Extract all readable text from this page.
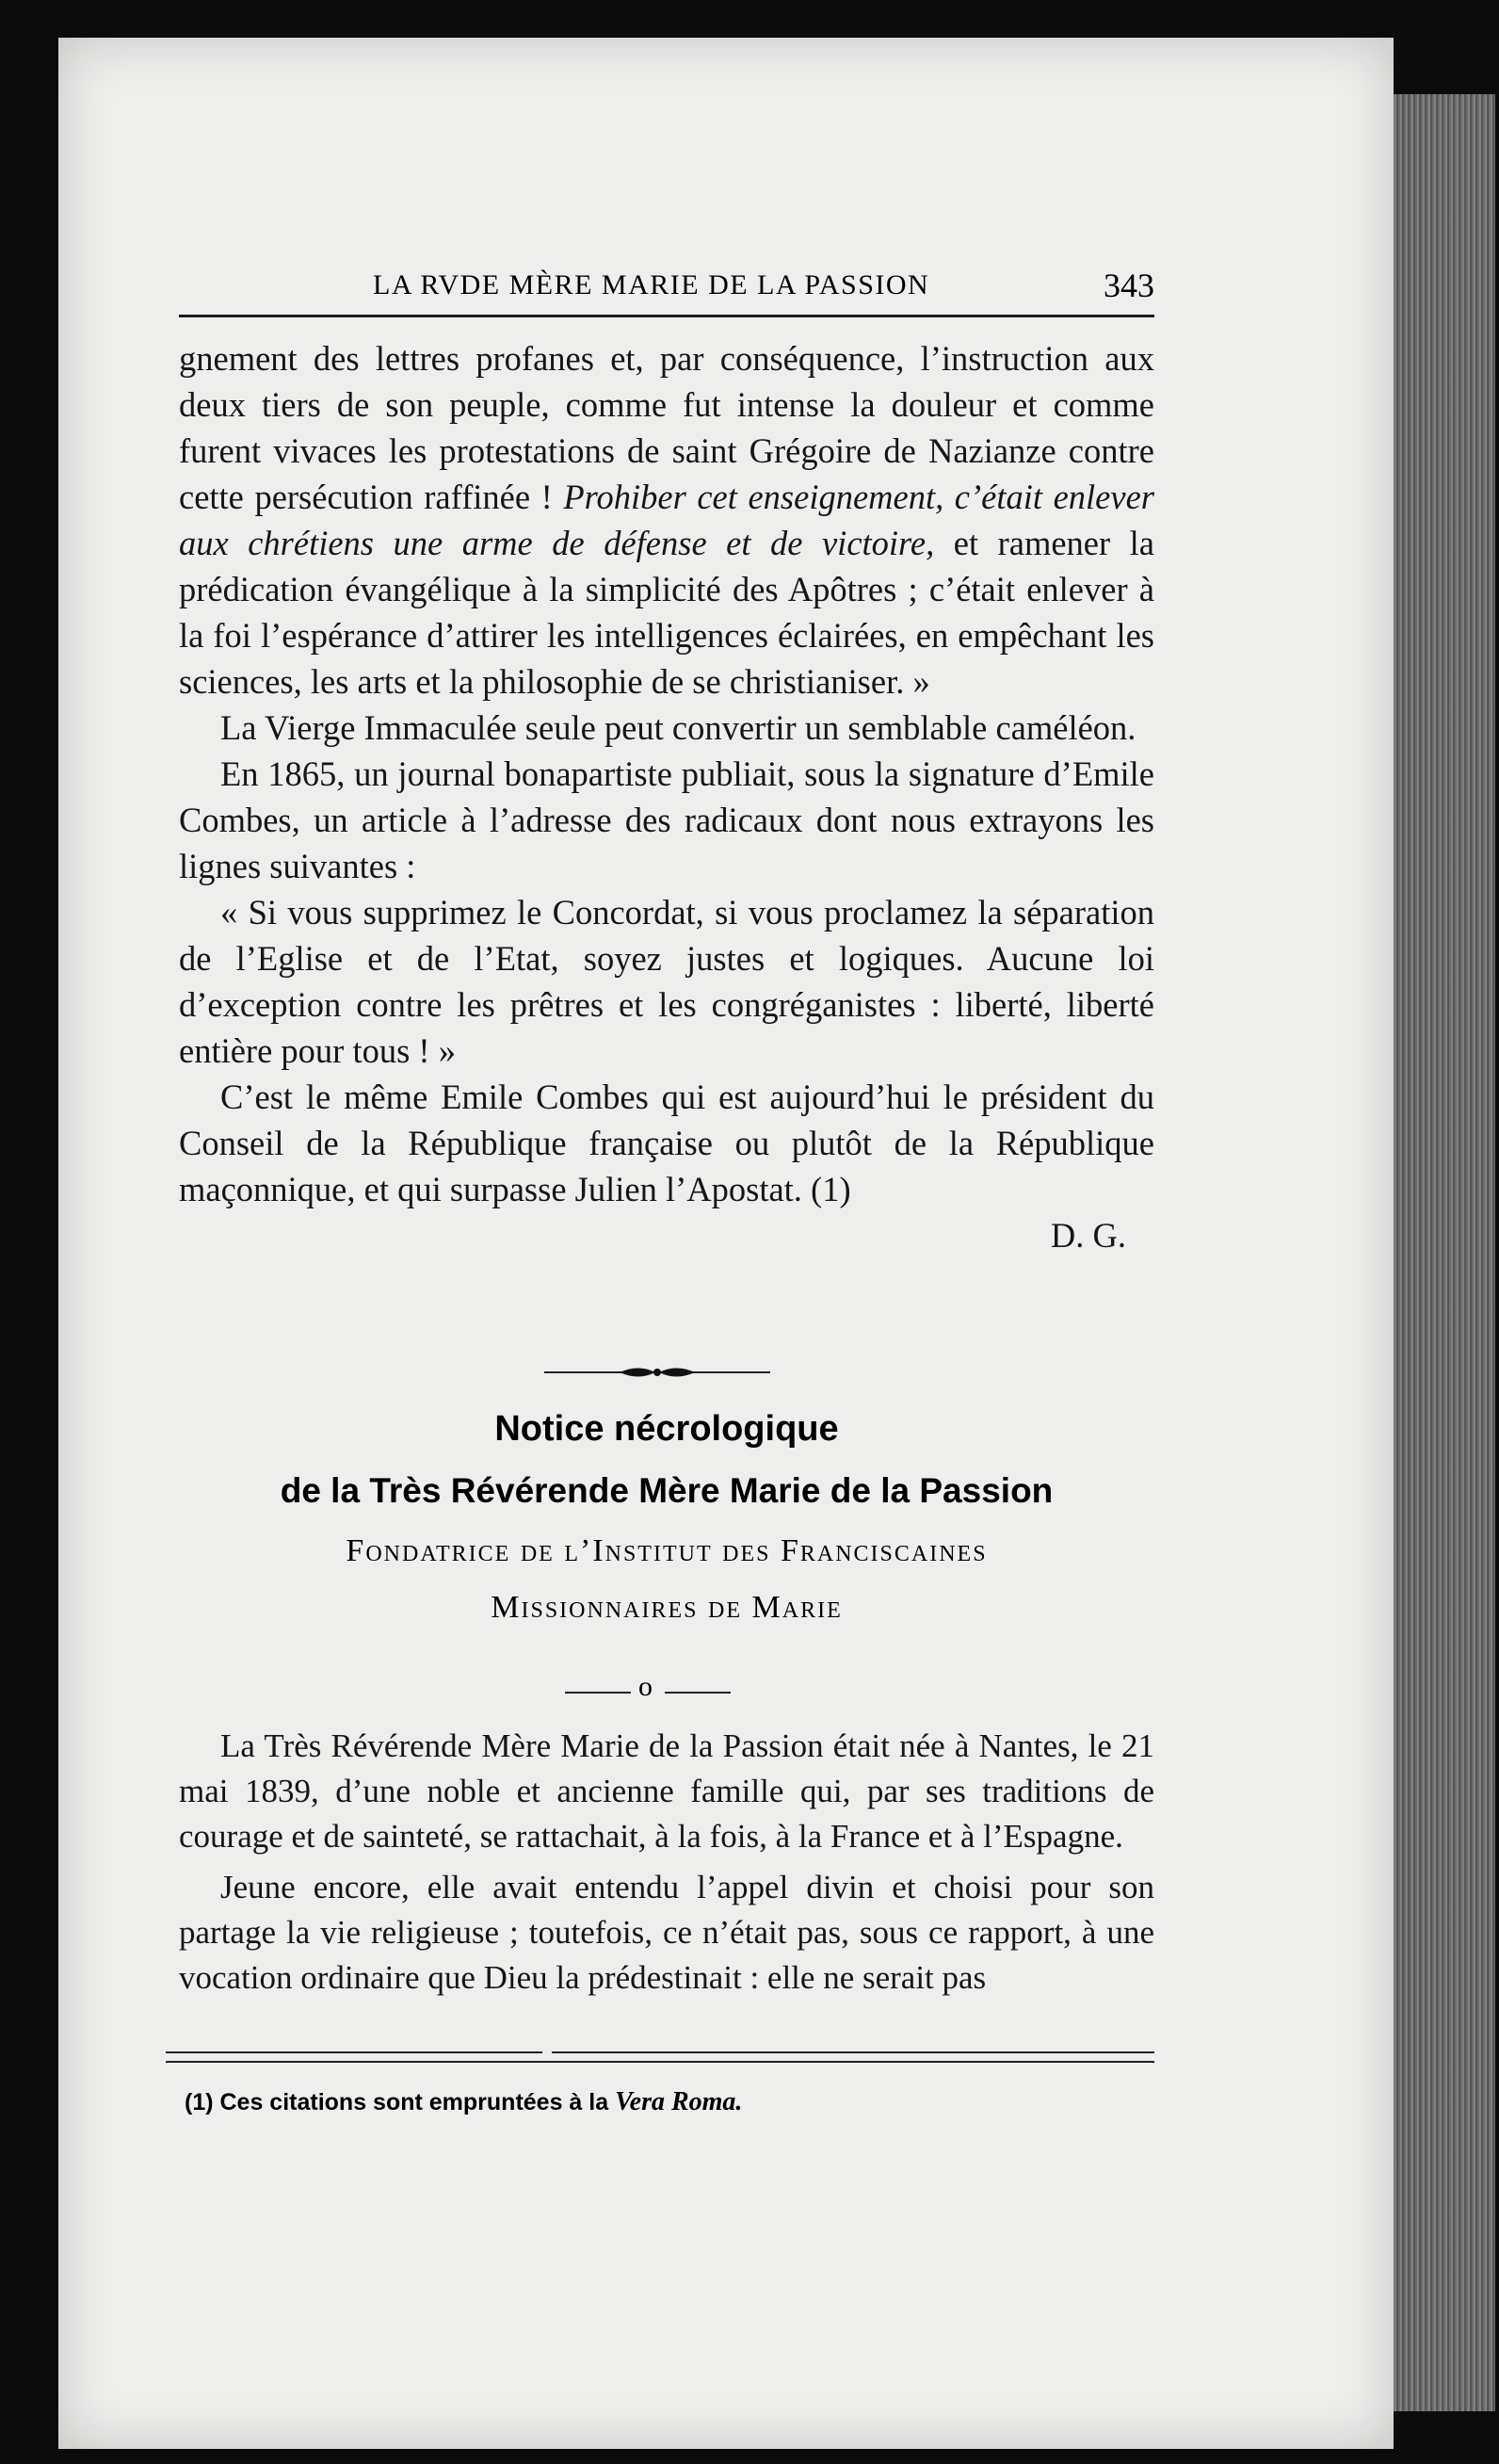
LA RVDE MÈRE MARIE DE LA PASSION	343

gnement des lettres profanes et, par conséquence, l’instruction aux deux tiers de son peuple, comme fut intense la douleur et comme furent vivaces les protestations de saint Grégoire de Nazianze contre cette persécution raffinée ! Prohiber cet enseignement, c’était enlever aux chrétiens une arme de défense et de victoire, et ramener la prédication évangélique à la simplicité des Apôtres ; c’était enlever à la foi l’espérance d’attirer les intelligences éclairées, en empêchant les sciences, les arts et la philosophie de se christianiser. »

La Vierge Immaculée seule peut convertir un semblable caméléon.

En 1865, un journal bonapartiste publiait, sous la signature d’Emile Combes, un article à l’adresse des radicaux dont nous extrayons les lignes suivantes :

« Si vous supprimez le Concordat, si vous proclamez la séparation de l’Eglise et de l’Etat, soyez justes et logiques. Aucune loi d’exception contre les prêtres et les congréganistes : liberté, liberté entière pour tous ! »

C’est le même Emile Combes qui est aujourd’hui le président du Conseil de la République française ou plutôt de la République maçonnique, et qui surpasse Julien l’Apostat. (1)

D. G.

Notice nécrologique
de la Très Révérende Mère Marie de la Passion
Fondatrice de l’Institut des Franciscaines
Missionnaires de Marie
o

La Très Révérende Mère Marie de la Passion était née à Nantes, le 21 mai 1839, d’une noble et ancienne famille qui, par ses traditions de courage et de sainteté, se rattachait, à la fois, à la France et à l’Espagne.

Jeune encore, elle avait entendu l’appel divin et choisi pour son partage la vie religieuse ; toutefois, ce n’était pas, sous ce rapport, à une vocation ordinaire que Dieu la prédestinait : elle ne serait pas

(1) Ces citations sont empruntées à la Vera Roma.
